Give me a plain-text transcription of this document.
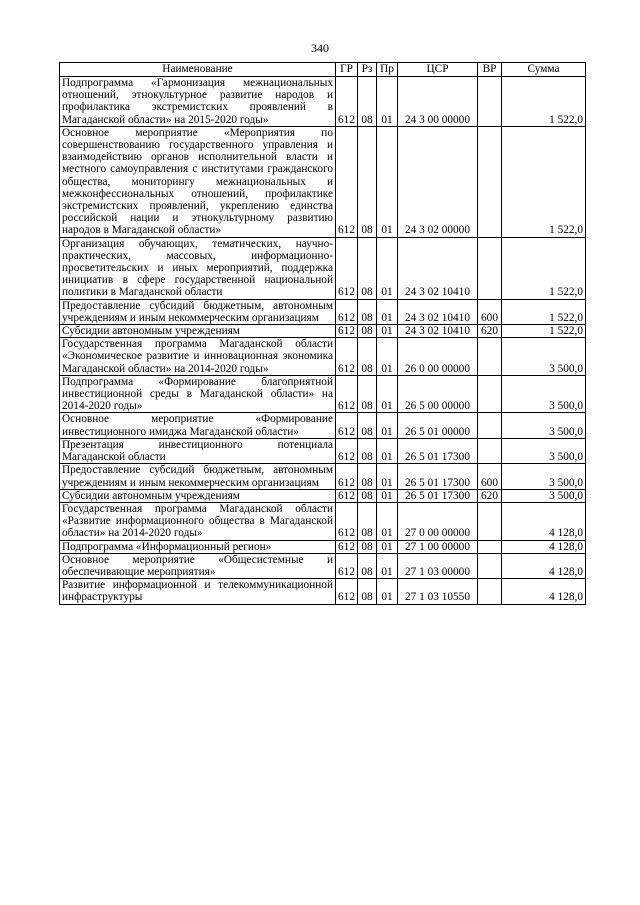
340
Наименование	ГР	Рз	Пр	ЦСР	ВР	Сумма
Подпрограмма «Гармонизация межнациональных отношений, этнокультурное развитие народов и профилактика экстремистских проявлений в Магаданской области» на 2015-2020 годы»	612	08	01	24 3 00 00000		1 522,0
Основное мероприятие «Мероприятия по совершенствованию государственного управления и взаимодействию органов исполнительной власти и местного самоуправления с институтами гражданского общества, мониторингу межнациональных и межконфессиональных отношений, профилактике экстремистских проявлений, укреплению единства российской нации и этнокультурному развитию народов в Магаданской области»	612	08	01	24 3 02 00000		1 522,0
Организация обучающих, тематических, научно-практических, массовых, информационно-просветительских и иных мероприятий, поддержка инициатив в сфере государственной национальной политики в Магаданской области	612	08	01	24 3 02 10410		1 522,0
Предоставление субсидий бюджетным, автономным учреждениям и иным некоммерческим организациям	612	08	01	24 3 02 10410	600	1 522,0
Субсидии автономным учреждениям	612	08	01	24 3 02 10410	620	1 522,0
Государственная программа Магаданской области «Экономическое развитие и инновационная экономика Магаданской области» на 2014-2020 годы»	612	08	01	26 0 00 00000		3 500,0
Подпрограмма «Формирование благоприятной инвестиционной среды в Магаданской области» на 2014-2020 годы»	612	08	01	26 5 00 00000		3 500,0
Основное мероприятие «Формирование инвестиционного имиджа Магаданской области»	612	08	01	26 5 01 00000		3 500,0
Презентация инвестиционного потенциала Магаданской области	612	08	01	26 5 01 17300		3 500,0
Предоставление субсидий бюджетным, автономным учреждениям и иным некоммерческим организациям	612	08	01	26 5 01 17300	600	3 500,0
Субсидии автономным учреждениям	612	08	01	26 5 01 17300	620	3 500,0
Государственная программа Магаданской области «Развитие информационного общества в Магаданской области» на 2014-2020 годы»	612	08	01	27 0 00 00000		4 128,0
Подпрограмма «Информационный регион»	612	08	01	27 1 00 00000		4 128,0
Основное мероприятие «Общесистемные и обеспечивающие мероприятия»	612	08	01	27 1 03 00000		4 128,0
Развитие информационной и телекоммуникационной инфраструктуры	612	08	01	27 1 03 10550		4 128,0
